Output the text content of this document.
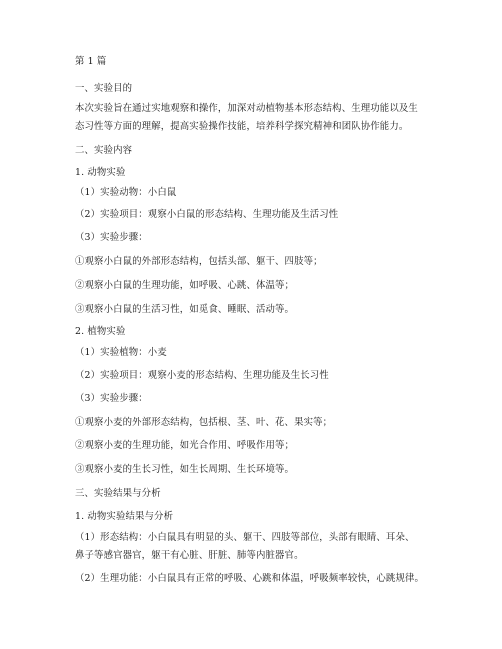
第 1 篇
一、实验目的
本次实验旨在通过实地观察和操作，加深对动植物基本形态结构、生理功能以及生
态习性等方面的理解，提高实验操作技能，培养科学探究精神和团队协作能力。
二、实验内容
1. 动物实验
（1）实验动物：小白鼠
（2）实验项目：观察小白鼠的形态结构、生理功能及生活习性
（3）实验步骤：
①观察小白鼠的外部形态结构，包括头部、躯干、四肢等；
②观察小白鼠的生理功能，如呼吸、心跳、体温等；
③观察小白鼠的生活习性，如觅食、睡眠、活动等。
2. 植物实验
（1）实验植物：小麦
（2）实验项目：观察小麦的形态结构、生理功能及生长习性
（3）实验步骤：
①观察小麦的外部形态结构，包括根、茎、叶、花、果实等；
②观察小麦的生理功能，如光合作用、呼吸作用等；
③观察小麦的生长习性，如生长周期、生长环境等。
三、实验结果与分析
1. 动物实验结果与分析
（1）形态结构：小白鼠具有明显的头、躯干、四肢等部位，头部有眼睛、耳朵、
鼻子等感官器官，躯干有心脏、肝脏、肺等内脏器官。
（2）生理功能：小白鼠具有正常的呼吸、心跳和体温，呼吸频率较快，心跳规律。
